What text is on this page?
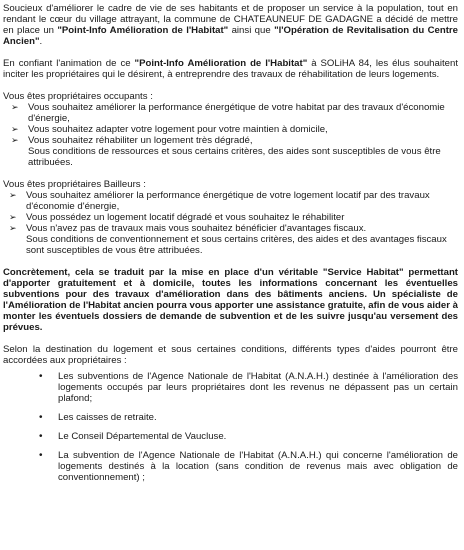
Soucieux d'améliorer le cadre de vie de ses habitants et de proposer un service à la population, tout en rendant le cœur du village attrayant, la commune de CHATEAUNEUF DE GADAGNE a décidé de mettre en place un "Point-Info Amélioration de l'Habitat" ainsi que "l'Opération de Revitalisation du Centre Ancien".

En confiant l'animation de ce "Point-Info Amélioration de l'Habitat" à SOLiHA 84, les élus souhaitent inciter les propriétaires qui le désirent, à entreprendre des travaux de réhabilitation de leurs logements.

Vous êtes propriétaires occupants :

➢ Vous souhaitez améliorer la performance énergétique de votre habitat par des travaux d'économie d'énergie,
➢ Vous souhaitez adapter votre logement pour votre maintien à domicile,
➢ Vous souhaitez réhabiliter un logement très dégradé,
Sous conditions de ressources et sous certains critères, des aides sont susceptibles de vous être attribuées.

Vous êtes propriétaires Bailleurs :

➢ Vous souhaitez améliorer la performance énergétique de votre logement locatif par des travaux d'économie d'énergie,
➢ Vous possédez un logement locatif dégradé et vous souhaitez le réhabiliter
➢ Vous n'avez pas de travaux mais vous souhaitez bénéficier d'avantages fiscaux.
Sous conditions de conventionnement et sous certains critères, des aides et des avantages fiscaux sont susceptibles de vous être attribuées.

Concrètement, cela se traduit par la mise en place d'un véritable "Service Habitat" permettant d'apporter gratuitement et à domicile, toutes les informations concernant les éventuelles subventions pour des travaux d'amélioration dans des bâtiments anciens. Un spécialiste de l'Amélioration de l'Habitat ancien pourra vous apporter une assistance gratuite, afin de vous aider à monter les éventuels dossiers de demande de subvention et de les suivre jusqu'au versement des prévues.

Selon la destination du logement et sous certaines conditions, différents types d'aides pourront être accordées aux propriétaires :

• Les subventions de l'Agence Nationale de l'Habitat (A.N.A.H.) destinée à l'amélioration des logements occupés par leurs propriétaires dont les revenus ne dépassent pas un certain plafond;
• Les caisses de retraite.
• Le Conseil Départemental de Vaucluse.
• La subvention de l'Agence Nationale de l'Habitat (A.N.A.H.) qui concerne l'amélioration de logements destinés à la location (sans condition de revenus mais avec obligation de conventionnement) ;
